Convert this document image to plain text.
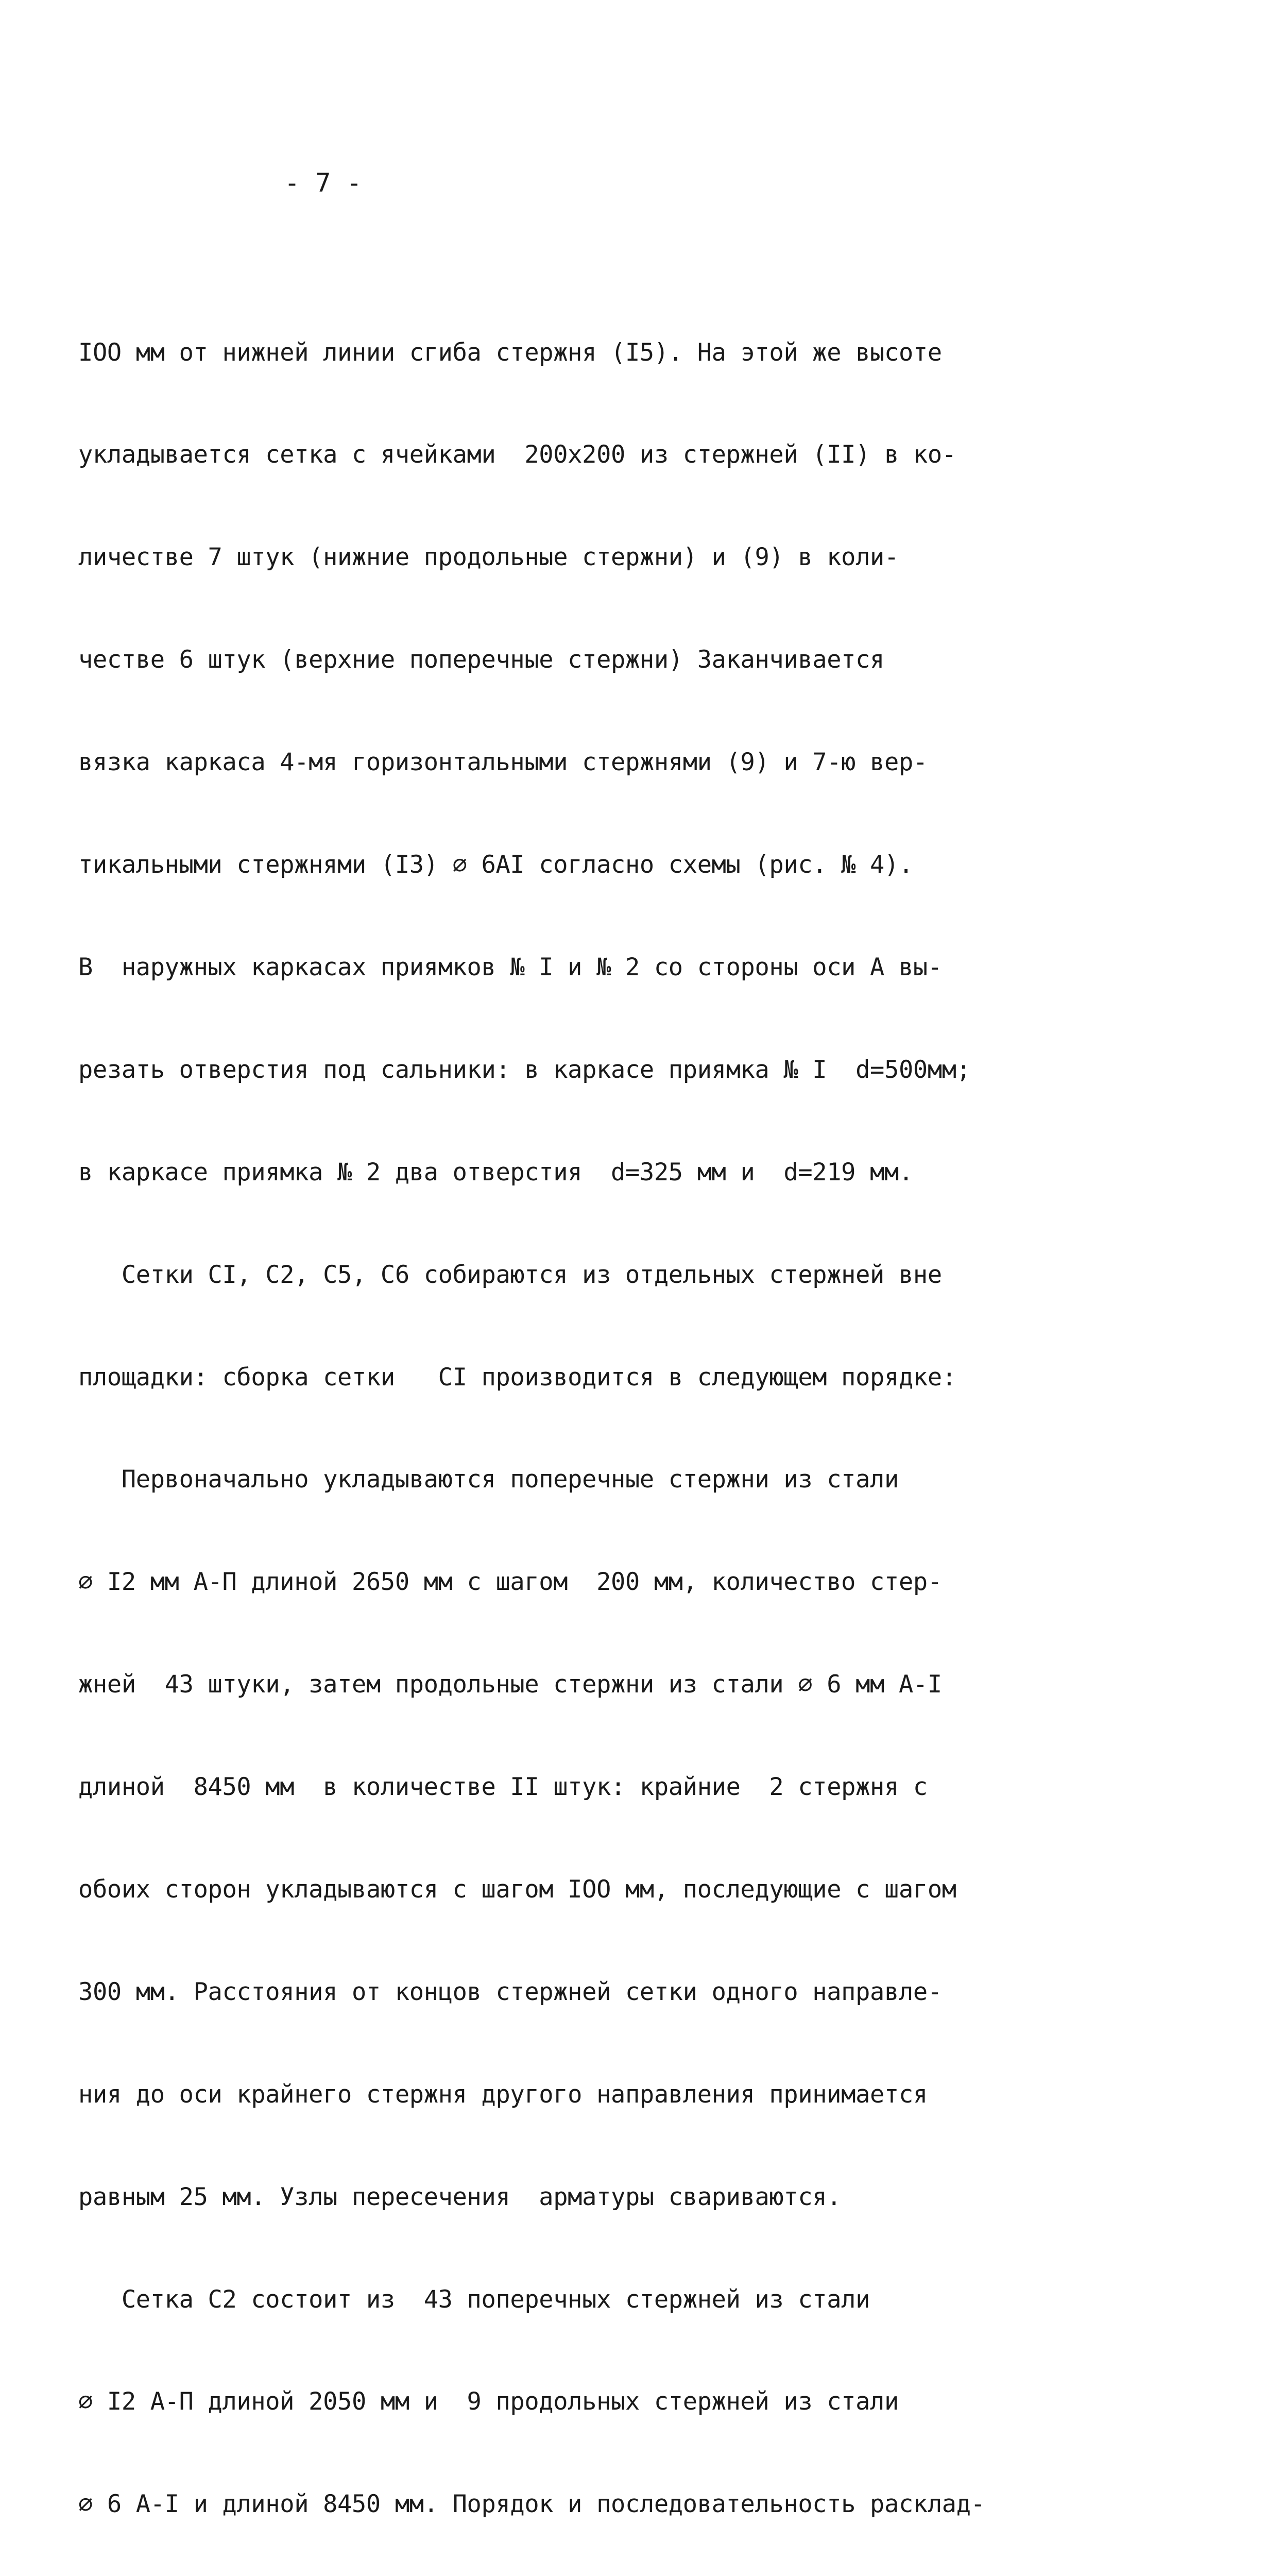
- 7 -

IOO мм от нижней линии сгиба стержня (I5). На этой же высоте

укладывается сетка с ячейками  200х200 из стержней (II) в ко-

личестве 7 штук (нижние продольные стержни) и (9) в коли-

честве 6 штук (верхние поперечные стержни) Заканчивается

вязка каркаса 4-мя горизонтальными стержнями (9) и 7-ю вер-

тикальными стержнями (I3) ∅ 6АI согласно схемы (рис. № 4).

В  наружных каркасах приямков № I и № 2 со стороны оси А вы-

резать отверстия под сальники: в каркасе приямка № I  d=500мм;

в каркасе приямка № 2 два отверстия  d=325 мм и  d=219 мм.

Сетки CI, C2, C5, C6 собираются из отдельных стержней вне

площадки: сборка сетки   CI производится в следующем порядке:

Первоначально укладываются поперечные стержни из стали

∅ I2 мм А-П длиной 2650 мм с шагом  200 мм, количество стер-

жней  43 штуки, затем продольные стержни из стали ∅ 6 мм А-I

длиной  8450 мм  в количестве II штук: крайние  2 стержня с

обоих сторон укладываются с шагом IOO мм, последующие с шагом

300 мм. Расстояния от концов стержней сетки одного направле-

ния до оси крайнего стержня другого направления принимается

равным 25 мм. Узлы пересечения  арматуры свариваются.

Сетка C2 состоит из  43 поперечных стержней из стали

∅ I2 А-П длиной 2050 мм и  9 продольных стержней из стали

∅ 6 А-I и длиной 8450 мм. Порядок и последовательность расклад-
